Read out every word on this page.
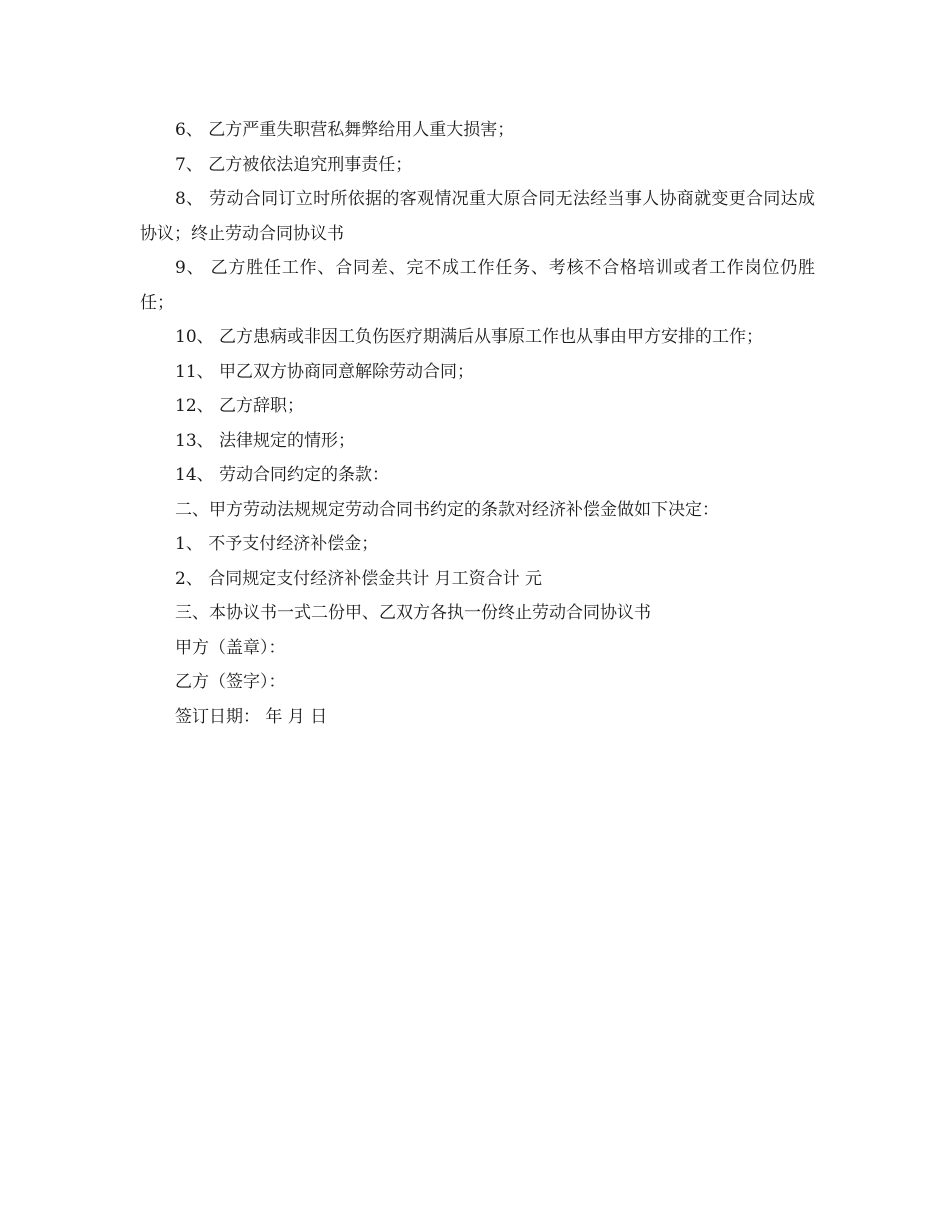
6、 乙方严重失职营私舞弊给用人重大损害；

7、 乙方被依法追究刑事责任；

8、 劳动合同订立时所依据的客观情况重大原合同无法经当事人协商就变更合同达成协议；终止劳动合同协议书

9、 乙方胜任工作、合同差、完不成工作任务、考核不合格培训或者工作岗位仍胜任；

10、 乙方患病或非因工负伤医疗期满后从事原工作也从事由甲方安排的工作；

11、 甲乙双方协商同意解除劳动合同；

12、 乙方辞职；

13、 法律规定的情形；

14、 劳动合同约定的条款：

二、甲方劳动法规规定劳动合同书约定的条款对经济补偿金做如下决定：

1、 不予支付经济补偿金；

2、 合同规定支付经济补偿金共计 月工资合计 元

三、本协议书一式二份甲、乙双方各执一份终止劳动合同协议书

甲方（盖章）：

乙方（签字）：

签订日期： 年 月 日
